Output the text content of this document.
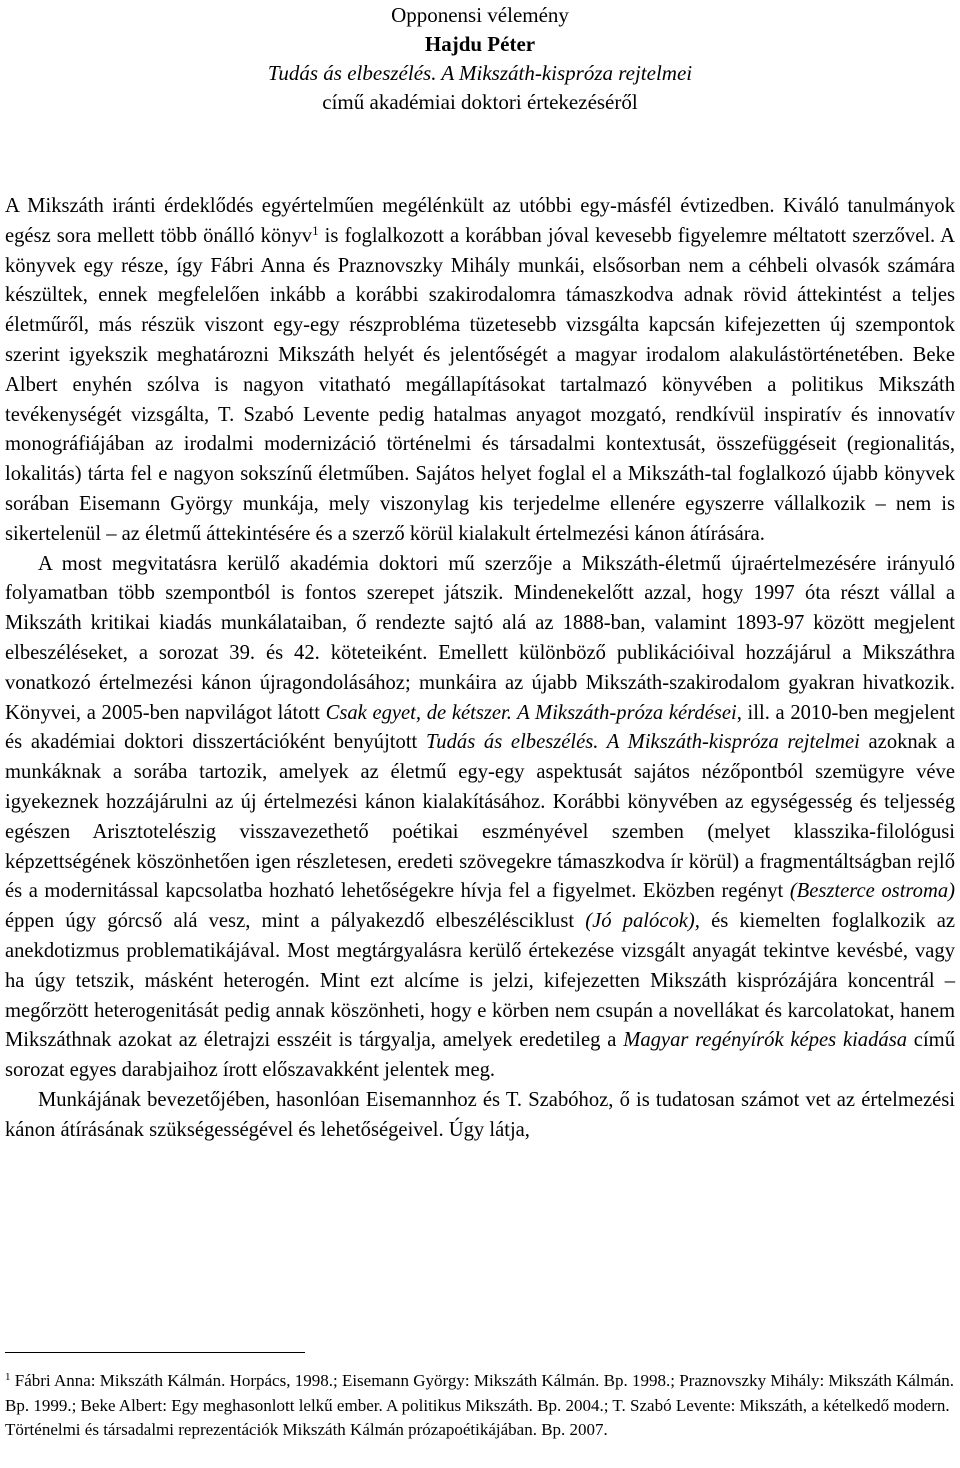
Opponensi vélemény
Hajdu Péter
Tudás ás elbeszélés. A Mikszáth-kispróza rejtelmei
című akadémiai doktori értekezéséről

A Mikszáth iránti érdeklődés egyértelműen megélénkült az utóbbi egy-másfél évtizedben. Kiváló tanulmányok egész sora mellett több önálló könyv$^1$ is foglalkozott a korábban jóval kevesebb figyelemre méltatott szerzővel. A könyvek egy része, így Fábri Anna és Praznovszky Mihály munkái, elsősorban nem a céhbeli olvasók számára készültek, ennek megfelelően inkább a korábbi szakirodalomra támaszkodva adnak rövid áttekintést a teljes életműről, más részük viszont egy-egy részprobléma tüzetesebb vizsgálta kapcsán kifejezetten új szempontok szerint igyekszik meghatározni Mikszáth helyét és jelentőségét a magyar irodalom alakulástörténetében. Beke Albert enyhén szólva is nagyon vitatható megállapításokat tartalmazó könyvében a politikus Mikszáth tevékenységét vizsgálta, T. Szabó Levente pedig hatalmas anyagot mozgató, rendkívül inspiratív és innovatív monográfiájában az irodalmi modernizáció történelmi és társadalmi kontextusát, összefüggéseit (regionalitás, lokalitás) tárta fel e nagyon sokszínű életműben. Sajátos helyet foglal el a Mikszáth-tal foglalkozó újabb könyvek sorában Eisemann György munkája, mely viszonylag kis terjedelme ellenére egyszerre vállalkozik – nem is sikertelenül – az életmű áttekintésére és a szerző körül kialakult értelmezési kánon átírására.

A most megvitatásra kerülő akadémia doktori mű szerzője a Mikszáth-életmű újraértelmezésére irányuló folyamatban több szempontból is fontos szerepet játszik. Mindenekelőtt azzal, hogy 1997 óta részt vállal a Mikszáth kritikai kiadás munkálataiban, ő rendezte sajtó alá az 1888-ban, valamint 1893-97 között megjelent elbeszéléseket, a sorozat 39. és 42. köteteiként. Emellett különböző publikációival hozzájárul a Mikszáthra vonatkozó értelmezési kánon újragondolásához; munkáira az újabb Mikszáth-szakirodalom gyakran hivatkozik. Könyvei, a 2005-ben napvilágot látott Csak egyet, de kétszer. A Mikszáth-próza kérdései, ill. a 2010-ben megjelent és akadémiai doktori disszertációként benyújtott Tudás ás elbeszélés. A Mikszáth-kispróza rejtelmei azoknak a munkáknak a sorába tartozik, amelyek az életmű egy-egy aspektusát sajátos nézőpontból szemügyre véve igyekeznek hozzájárulni az új értelmezési kánon kialakításához. Korábbi könyvében az egységesség és teljesség egészen Arisztotelészig visszavezethető poétikai eszményével szemben (melyet klasszika-filológusi képzettségének köszönhetően igen részletesen, eredeti szövegekre támaszkodva ír körül) a fragmentáltságban rejlő és a modernitással kapcsolatba hozható lehetőségekre hívja fel a figyelmet. Eközben regényt (Beszterce ostroma) éppen úgy górcső alá vesz, mint a pályakezdő elbeszélésciklust (Jó palócok), és kiemelten foglalkozik az anekdotizmus problematikájával. Most megtárgyalásra kerülő értekezése vizsgált anyagát tekintve kevésbé, vagy ha úgy tetszik, másként heterogén. Mint ezt alcíme is jelzi, kifejezetten Mikszáth kisprózájára koncentrál – megőrzött heterogenitását pedig annak köszönheti, hogy e körben nem csupán a novellákat és karcolatokat, hanem Mikszáthnak azokat az életrajzi esszéit is tárgyalja, amelyek eredetileg a Magyar regényírók képes kiadása című sorozat egyes darabjaihoz írott előszavakként jelentek meg.

Munkájának bevezetőjében, hasonlóan Eisemannhoz és T. Szabóhoz, ő is tudatosan számot vet az értelmezési kánon átírásának szükségességével és lehetőségeivel. Úgy látja,

$^1$ Fábri Anna: Mikszáth Kálmán. Horpács, 1998.; Eisemann György: Mikszáth Kálmán. Bp. 1998.; Praznovszky Mihály: Mikszáth Kálmán. Bp. 1999.; Beke Albert: Egy meghasonlott lelkű ember. A politikus Mikszáth. Bp. 2004.; T. Szabó Levente: Mikszáth, a kételkedő modern. Történelmi és társadalmi reprezentációk Mikszáth Kálmán prózapoétikájában. Bp. 2007.
